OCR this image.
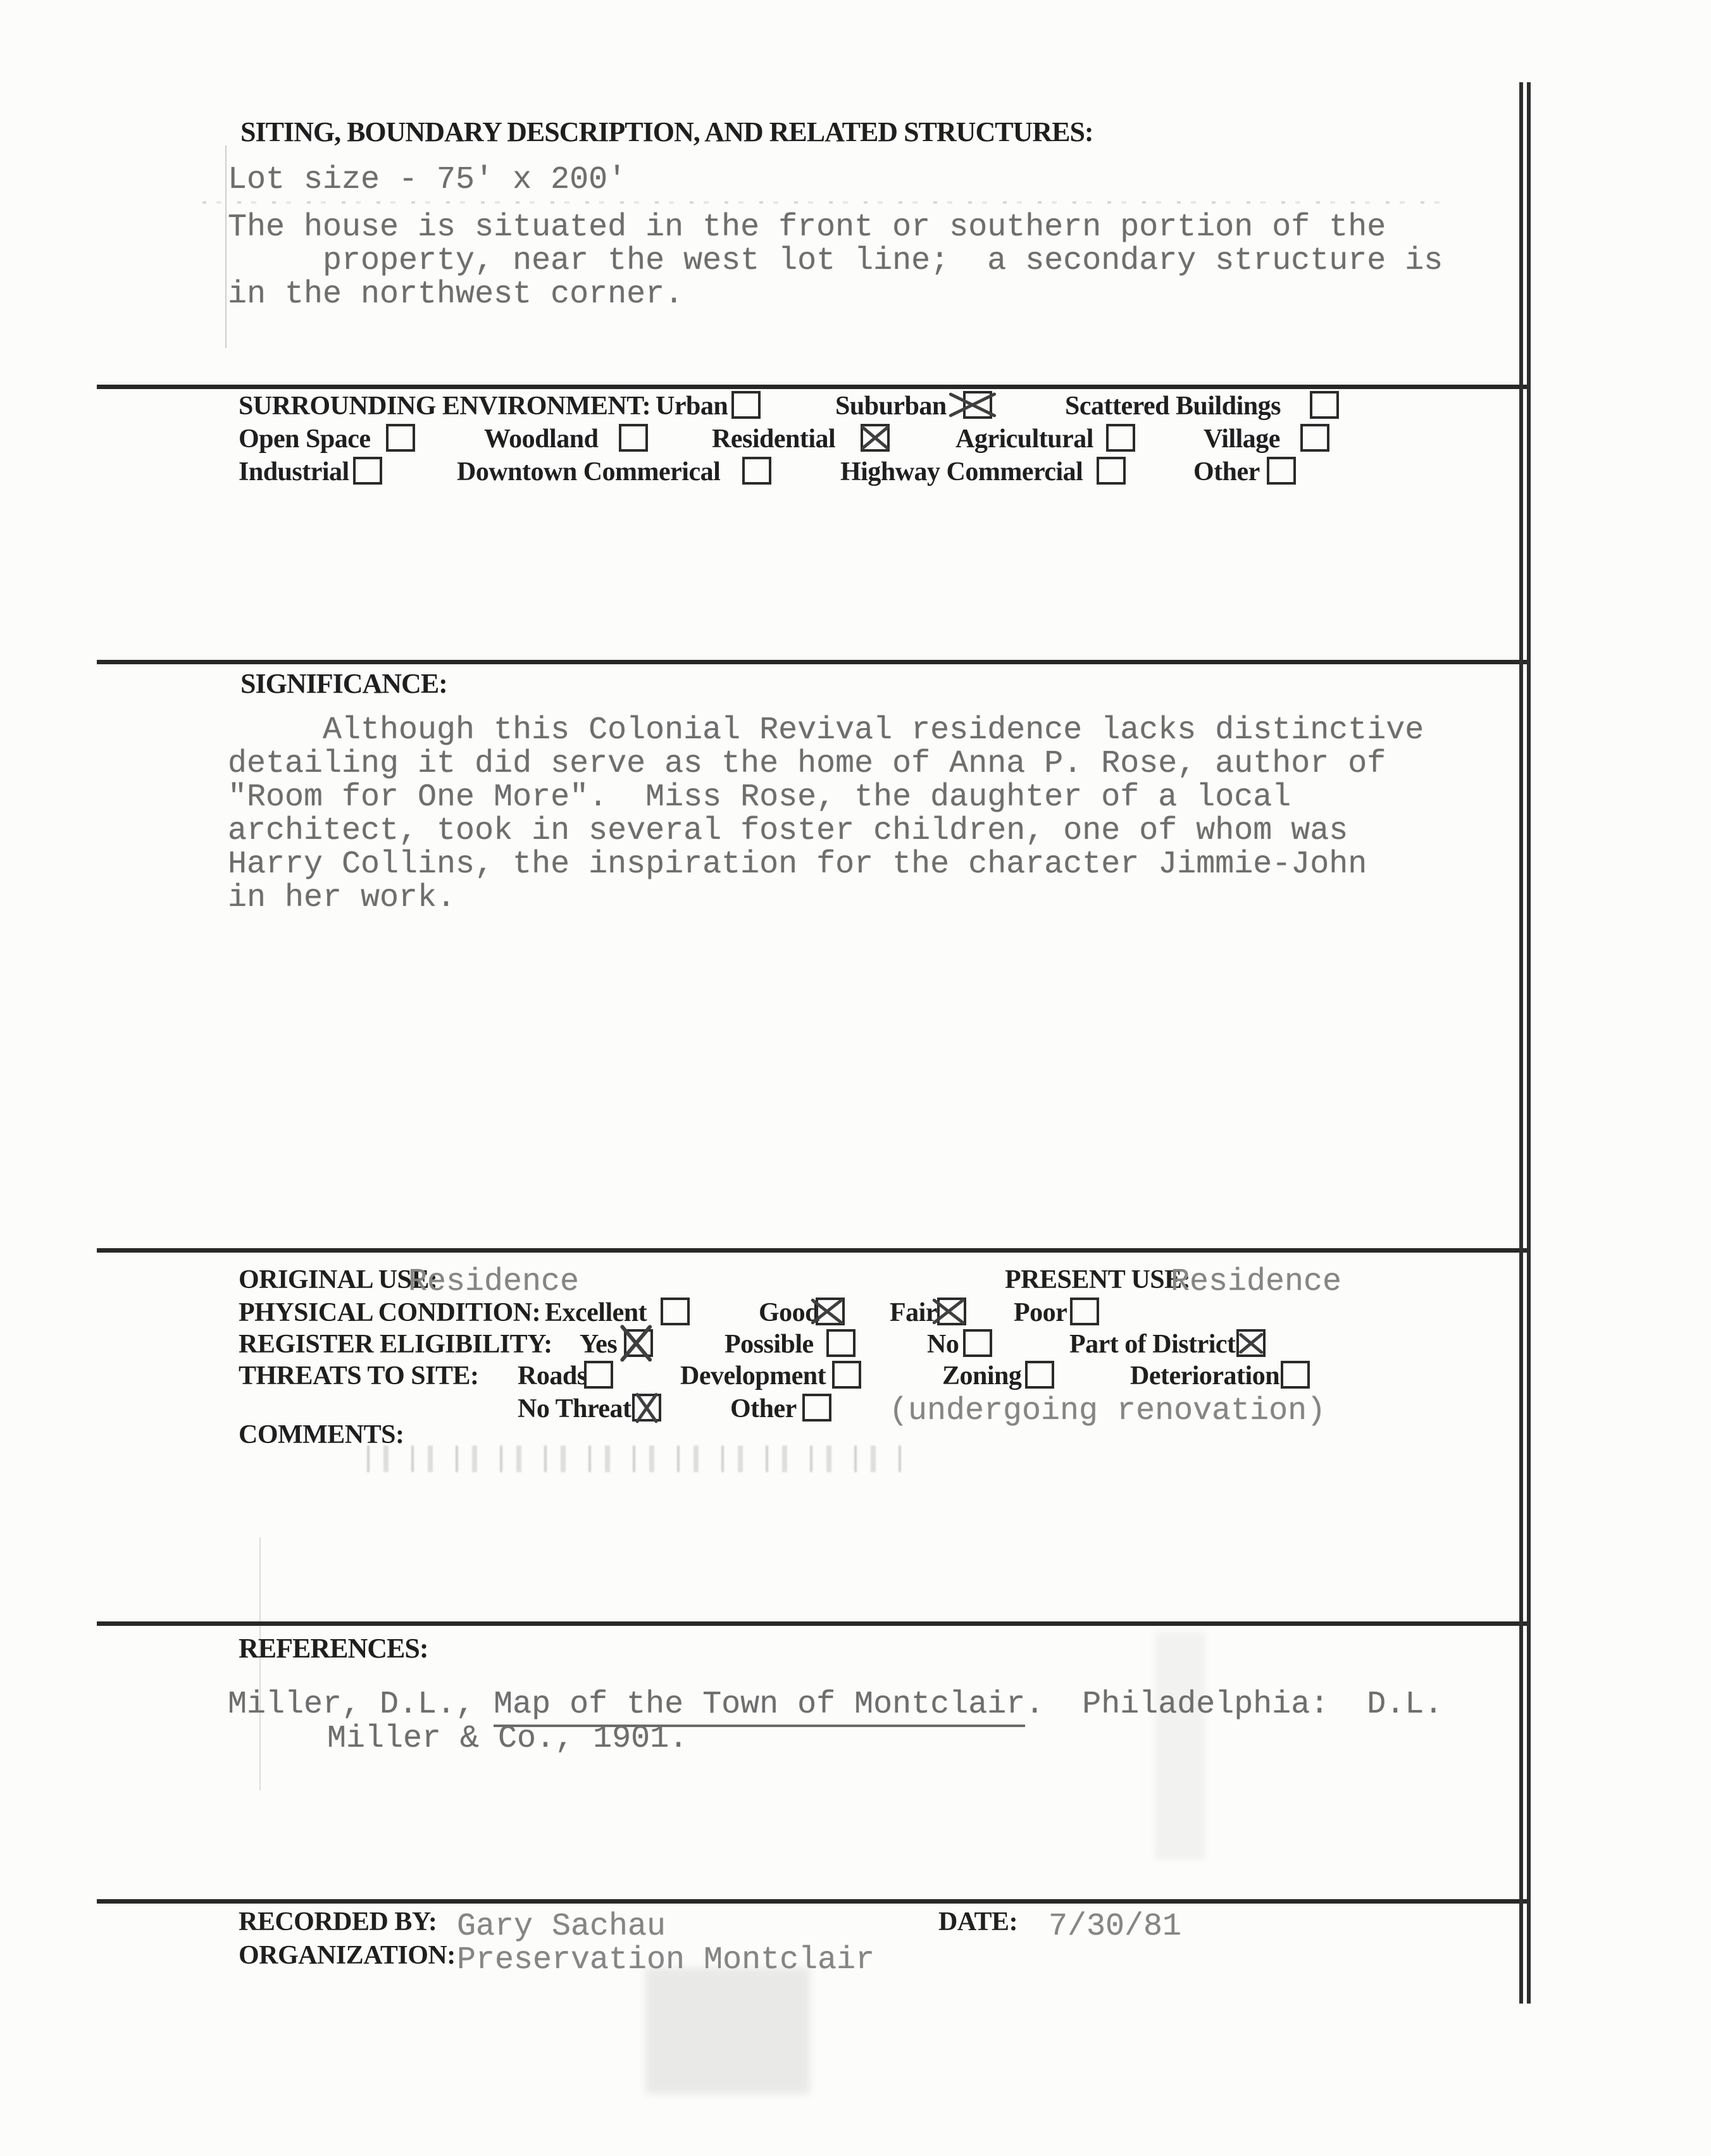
SITING, BOUNDARY DESCRIPTION, AND RELATED STRUCTURES:
Lot size - 75' x 200'
The house is situated in the front or southern portion of the
property, near the west lot line;  a secondary structure is
in the northwest corner.
SURROUNDING ENVIRONMENT: Urban	Suburban	Scattered Buildings
Open Space	Woodland	Residential	Agricultural	Village
Industrial	Downtown Commerical	Highway Commercial	Other
SIGNIFICANCE:
Although this Colonial Revival residence lacks distinctive
detailing it did serve as the home of Anna P. Rose, author of
"Room for One More".  Miss Rose, the daughter of a local
architect, took in several foster children, one of whom was
Harry Collins, the inspiration for the character Jimmie-John
in her work.
ORIGINAL USE:
Residence	PRESENT USE:
Residence
PHYSICAL CONDITION: Excellent	Good	Fair	Poor
REGISTER ELIGIBILITY: Yes	Possible	No	Part of District
THREATS TO SITE: Roads	Development	Zoning	Deterioration
No Threat	Other	(undergoing renovation)
COMMENTS:
REFERENCES:
Miller, D.L., Map of the Town of Montclair.  Philadelphia:  D.L.
Miller & Co., 1901.
RECORDED BY: Gary Sachau	DATE: 7/30/81
ORGANIZATION: Preservation Montclair
